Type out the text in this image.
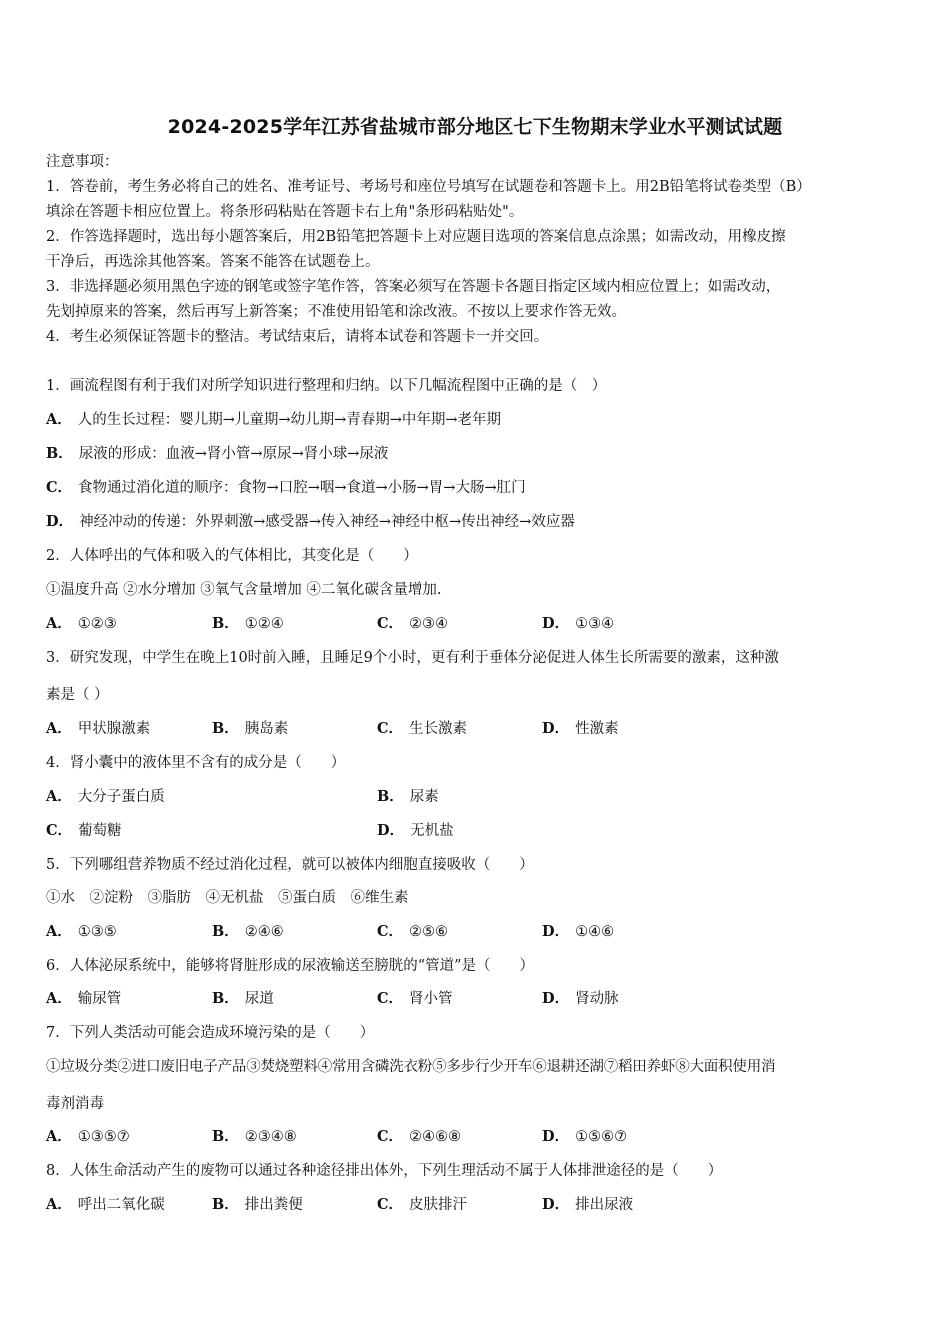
2024-2025学年江苏省盐城市部分地区七下生物期末学业水平测试试题
注意事项：
1．答卷前，考生务必将自己的姓名、准考证号、考场号和座位号填写在试题卷和答题卡上。用2B铅笔将试卷类型（B）
填涂在答题卡相应位置上。将条形码粘贴在答题卡右上角"条形码粘贴处"。
2．作答选择题时，选出每小题答案后，用2B铅笔把答题卡上对应题目选项的答案信息点涂黑；如需改动，用橡皮擦
干净后，再选涂其他答案。答案不能答在试题卷上。
3．非选择题必须用黑色字迹的钢笔或签字笔作答，答案必须写在答题卡各题目指定区域内相应位置上；如需改动，
先划掉原来的答案，然后再写上新答案；不准使用铅笔和涂改液。不按以上要求作答无效。
4．考生必须保证答题卡的整洁。考试结束后，请将本试卷和答题卡一并交回。
1．画流程图有利于我们对所学知识进行整理和归纳。以下几幅流程图中正确的是（　）
A． 人的生长过程：婴儿期→儿童期→幼儿期→青春期→中年期→老年期
B． 尿液的形成：血液→肾小管→原尿→肾小球→尿液
C． 食物通过消化道的顺序：食物→口腔→咽→食道→小肠→胃→大肠→肛门
D． 神经冲动的传递：外界刺激→感受器→传入神经→神经中枢→传出神经→效应器
2．人体呼出的气体和吸入的气体相比，其变化是（　　）
①温度升高 ②水分增加 ③氧气含量增加 ④二氧化碳含量增加.
A． ①②③	B． ①②④	C． ②③④	D． ①③④
3．研究发现，中学生在晚上10时前入睡，且睡足9个小时，更有利于垂体分泌促进人体生长所需要的激素，这种激
素是（ ）
A． 甲状腺激素	B． 胰岛素	C． 生长激素	D． 性激素
4．肾小囊中的液体里不含有的成分是（　　）
A． 大分子蛋白质	B． 尿素
C． 葡萄糖	D． 无机盐
5．下列哪组营养物质不经过消化过程，就可以被体内细胞直接吸收（　　）
①水　②淀粉　③脂肪　④无机盐　⑤蛋白质　⑥维生素
A． ①③⑤	B． ②④⑥	C． ②⑤⑥	D． ①④⑥
6．人体泌尿系统中，能够将肾脏形成的尿液输送至膀胱的“管道”是（　　）
A． 输尿管	B． 尿道	C． 肾小管	D． 肾动脉
7．下列人类活动可能会造成环境污染的是（　　）
①垃圾分类②进口废旧电子产品③焚烧塑料④常用含磷洗衣粉⑤多步行少开车⑥退耕还湖⑦稻田养虾⑧大面积使用消
毒剂消毒
A． ①③⑤⑦	B． ②③④⑧	C． ②④⑥⑧	D． ①⑤⑥⑦
8．人体生命活动产生的废物可以通过各种途径排出体外，下列生理活动不属于人体排泄途径的是（　　）
A． 呼出二氧化碳	B． 排出粪便	C． 皮肤排汗	D． 排出尿液
